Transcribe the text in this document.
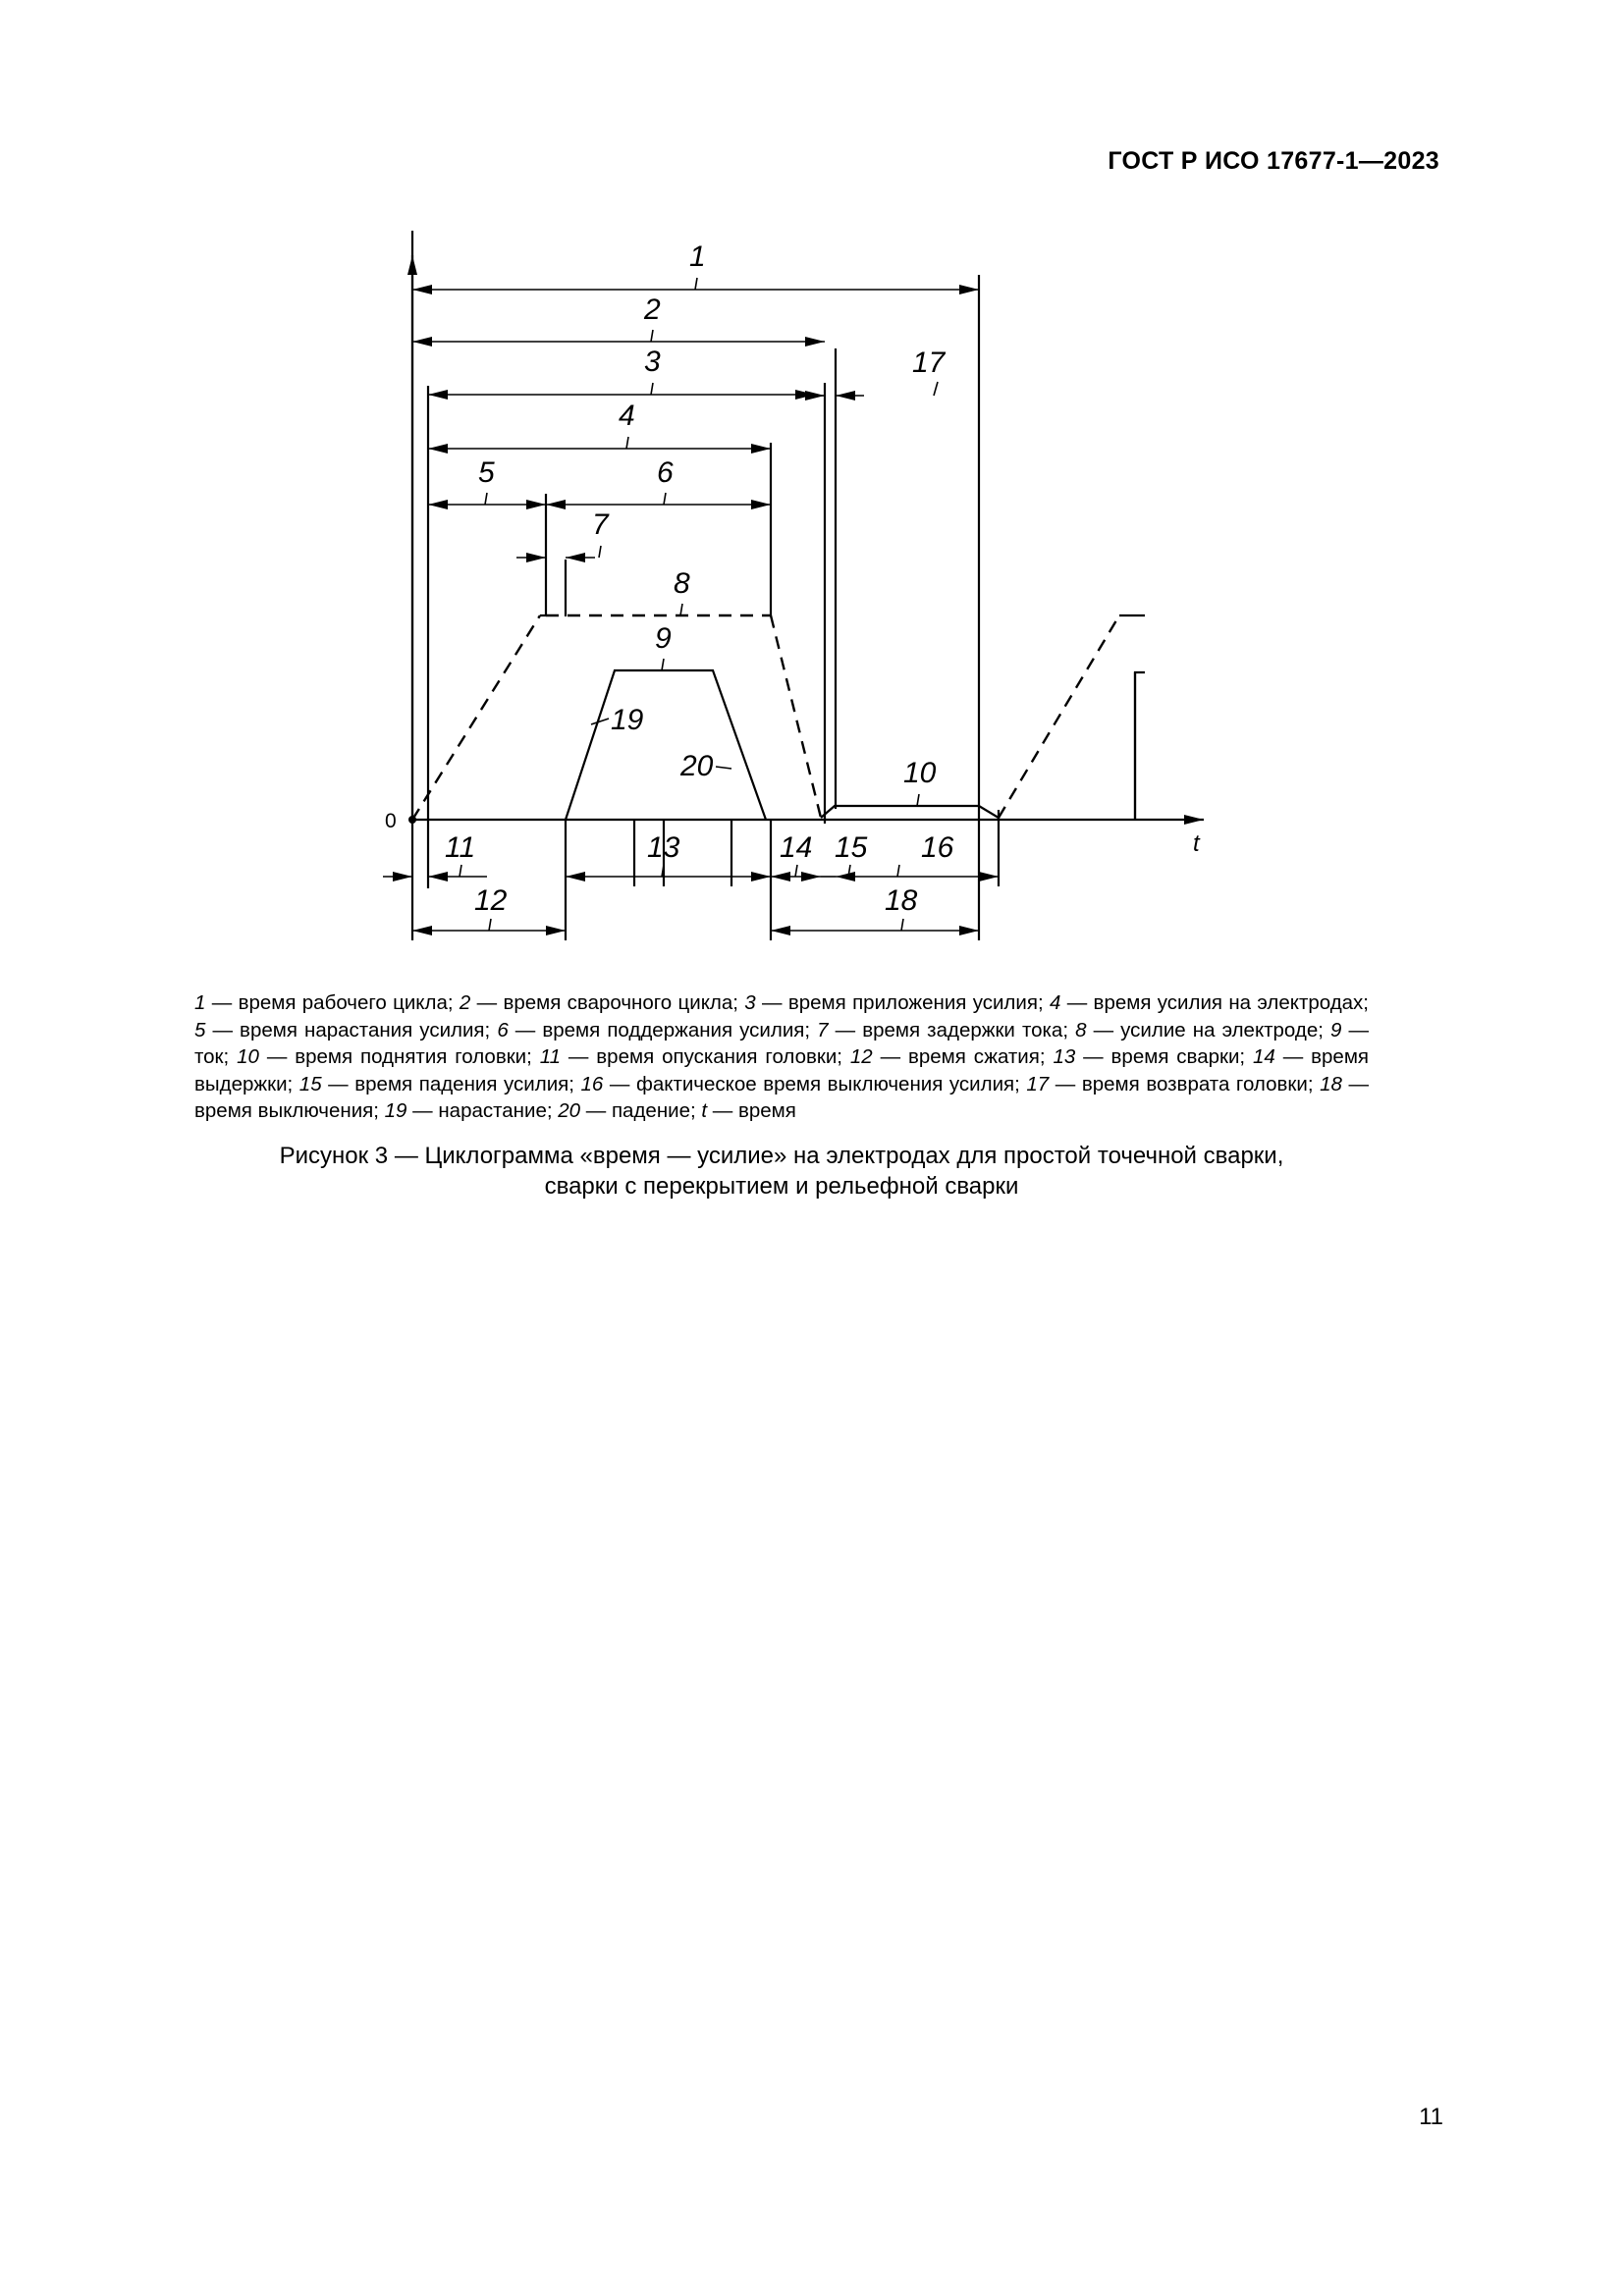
ГОСТ Р ИСО 17677-1—2023
0
t
1
2
3
4
5	6
7
8
9
10
11
12
13	14 15 16
17
18
19
20
1 — время рабочего цикла; 2 — время сварочного цикла; 3 — время приложения усилия; 4 — время усилия на электродах; 5 — время нарастания усилия; 6 — время поддержания усилия; 7 — время задержки тока; 8 — усилие на электроде; 9 — ток; 10 — время поднятия головки; 11 — время опускания головки; 12 — время сжатия; 13 — время сварки; 14 — время выдержки; 15 — время падения усилия; 16 — фактическое время выключения усилия; 17 — время возврата головки; 18 — время выключения; 19 — нарастание; 20 — падение; t — время
Рисунок 3 — Циклограмма «время — усилие» на электродах для простой точечной сварки,
сварки с перекрытием и рельефной сварки
11
